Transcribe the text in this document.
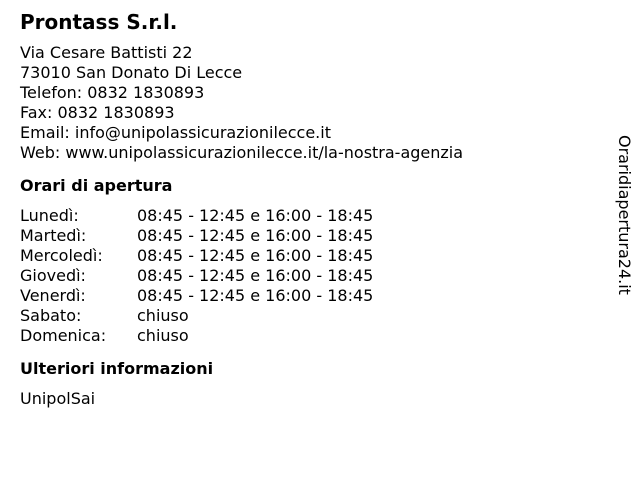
Prontass S.r.l.
Via Cesare Battisti 22
73010 San Donato Di Lecce
Telefon: 0832 1830893
Fax: 0832 1830893
Email: info@unipolassicurazionilecce.it
Web: www.unipolassicurazionilecce.it/la-nostra-agenzia
Orari di apertura
Lunedì:	08:45 - 12:45 e 16:00 - 18:45
Martedì:	08:45 - 12:45 e 16:00 - 18:45
Mercoledì:	08:45 - 12:45 e 16:00 - 18:45
Giovedì:	08:45 - 12:45 e 16:00 - 18:45
Venerdì:	08:45 - 12:45 e 16:00 - 18:45
Sabato:	chiuso
Domenica:	chiuso
Ulteriori informazioni
UnipolSai
Oraridiapertura24.it
